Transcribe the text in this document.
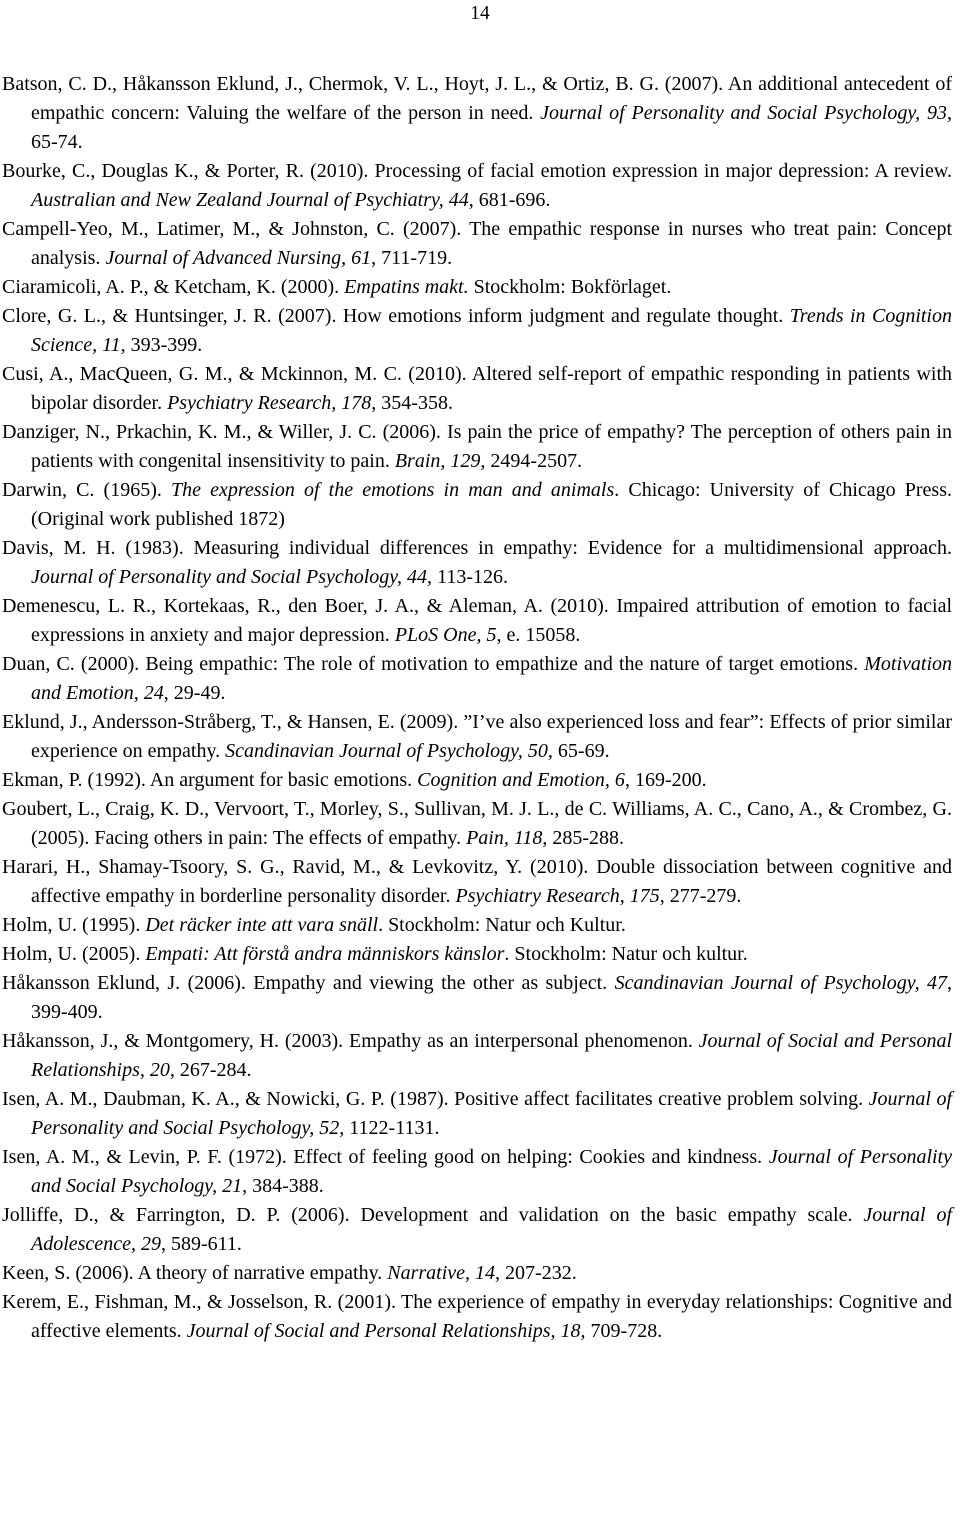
14
Batson, C. D., Håkansson Eklund, J., Chermok, V. L., Hoyt, J. L., & Ortiz, B. G. (2007). An additional antecedent of empathic concern: Valuing the welfare of the person in need. Journal of Personality and Social Psychology, 93, 65-74.
Bourke, C., Douglas K., & Porter, R. (2010). Processing of facial emotion expression in major depression: A review. Australian and New Zealand Journal of Psychiatry, 44, 681-696.
Campell-Yeo, M., Latimer, M., & Johnston, C. (2007). The empathic response in nurses who treat pain: Concept analysis. Journal of Advanced Nursing, 61, 711-719.
Ciaramicoli, A. P., & Ketcham, K. (2000). Empatins makt. Stockholm: Bokförlaget.
Clore, G. L., & Huntsinger, J. R. (2007). How emotions inform judgment and regulate thought. Trends in Cognition Science, 11, 393-399.
Cusi, A., MacQueen, G. M., & Mckinnon, M. C. (2010). Altered self-report of empathic responding in patients with bipolar disorder. Psychiatry Research, 178, 354-358.
Danziger, N., Prkachin, K. M., & Willer, J. C. (2006). Is pain the price of empathy? The perception of others pain in patients with congenital insensitivity to pain. Brain, 129, 2494-2507.
Darwin, C. (1965). The expression of the emotions in man and animals. Chicago: University of Chicago Press. (Original work published 1872)
Davis, M. H. (1983). Measuring individual differences in empathy: Evidence for a multidimensional approach. Journal of Personality and Social Psychology, 44, 113-126.
Demenescu, L. R., Kortekaas, R., den Boer, J. A., & Aleman, A. (2010). Impaired attribution of emotion to facial expressions in anxiety and major depression. PLoS One, 5, e. 15058.
Duan, C. (2000). Being empathic: The role of motivation to empathize and the nature of target emotions. Motivation and Emotion, 24, 29-49.
Eklund, J., Andersson-Stråberg, T., & Hansen, E. (2009). ”I’ve also experienced loss and fear”: Effects of prior similar experience on empathy. Scandinavian Journal of Psychology, 50, 65-69.
Ekman, P. (1992). An argument for basic emotions. Cognition and Emotion, 6, 169-200.
Goubert, L., Craig, K. D., Vervoort, T., Morley, S., Sullivan, M. J. L., de C. Williams, A. C., Cano, A., & Crombez, G. (2005). Facing others in pain: The effects of empathy. Pain, 118, 285-288.
Harari, H., Shamay-Tsoory, S. G., Ravid, M., & Levkovitz, Y. (2010). Double dissociation between cognitive and affective empathy in borderline personality disorder. Psychiatry Research, 175, 277-279.
Holm, U. (1995). Det räcker inte att vara snäll. Stockholm: Natur och Kultur.
Holm, U. (2005). Empati: Att förstå andra människors känslor. Stockholm: Natur och kultur.
Håkansson Eklund, J. (2006). Empathy and viewing the other as subject. Scandinavian Journal of Psychology, 47, 399-409.
Håkansson, J., & Montgomery, H. (2003). Empathy as an interpersonal phenomenon. Journal of Social and Personal Relationships, 20, 267-284.
Isen, A. M., Daubman, K. A., & Nowicki, G. P. (1987). Positive affect facilitates creative problem solving. Journal of Personality and Social Psychology, 52, 1122-1131.
Isen, A. M., & Levin, P. F. (1972). Effect of feeling good on helping: Cookies and kindness. Journal of Personality and Social Psychology, 21, 384-388.
Jolliffe, D., & Farrington, D. P. (2006). Development and validation on the basic empathy scale. Journal of Adolescence, 29, 589-611.
Keen, S. (2006). A theory of narrative empathy. Narrative, 14, 207-232.
Kerem, E., Fishman, M., & Josselson, R. (2001). The experience of empathy in everyday relationships: Cognitive and affective elements. Journal of Social and Personal Relationships, 18, 709-728.
